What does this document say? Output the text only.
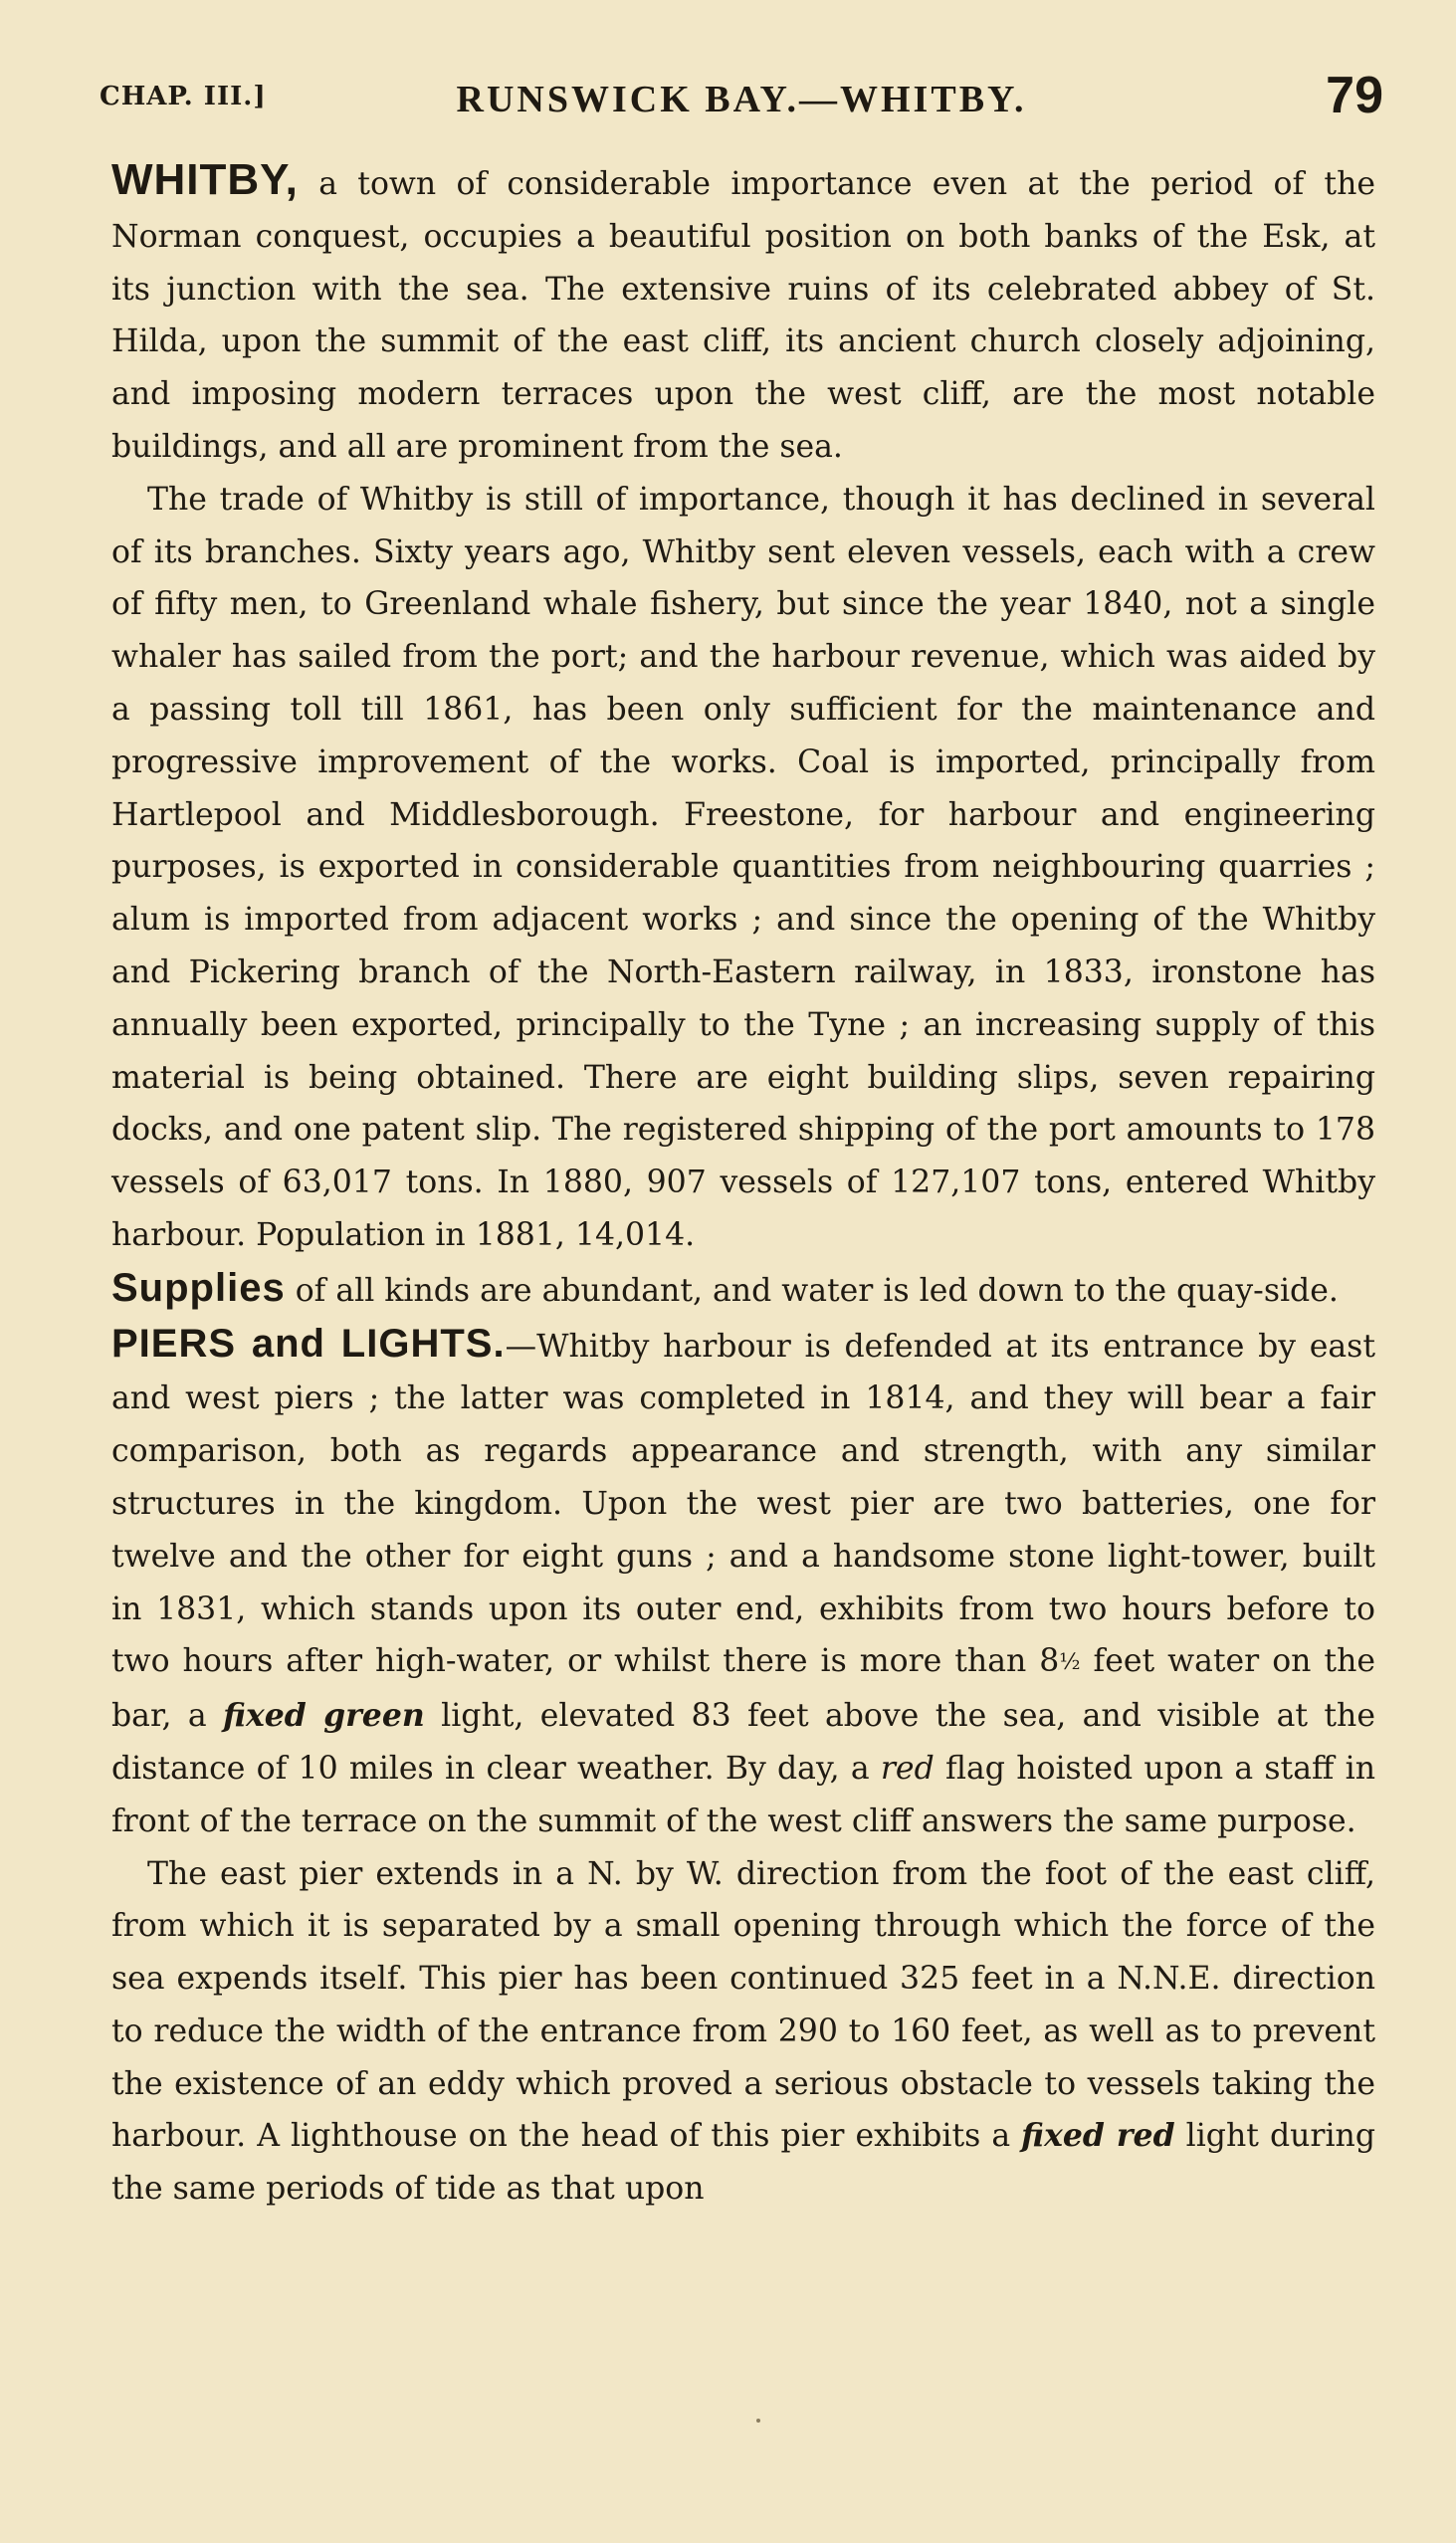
CHAP. III.]	RUNSWICK BAY.—WHITBY.	79

WHITBY, a town of considerable importance even at the period of the Norman conquest, occupies a beautiful position on both banks of the Esk, at its junction with the sea. The extensive ruins of its celebrated abbey of St. Hilda, upon the summit of the east cliff, its ancient church closely adjoining, and imposing modern terraces upon the west cliff, are the most notable buildings, and all are prominent from the sea.

The trade of Whitby is still of importance, though it has declined in several of its branches. Sixty years ago, Whitby sent eleven vessels, each with a crew of fifty men, to Greenland whale fishery, but since the year 1840, not a single whaler has sailed from the port; and the harbour revenue, which was aided by a passing toll till 1861, has been only sufficient for the maintenance and progressive improvement of the works. Coal is imported, principally from Hartlepool and Middlesborough. Freestone, for harbour and engineering purposes, is exported in considerable quantities from neighbouring quarries ; alum is imported from adjacent works ; and since the opening of the Whitby and Pickering branch of the North-Eastern railway, in 1833, ironstone has annually been exported, principally to the Tyne ; an increasing supply of this material is being obtained. There are eight building slips, seven repairing docks, and one patent slip. The registered shipping of the port amounts to 178 vessels of 63,017 tons. In 1880, 907 vessels of 127,107 tons, entered Whitby harbour. Population in 1881, 14,014.

Supplies of all kinds are abundant, and water is led down to the quay-side.

PIERS and LIGHTS.—Whitby harbour is defended at its entrance by east and west piers ; the latter was completed in 1814, and they will bear a fair comparison, both as regards appearance and strength, with any similar structures in the kingdom. Upon the west pier are two batteries, one for twelve and the other for eight guns ; and a handsome stone light-tower, built in 1831, which stands upon its outer end, exhibits from two hours before to two hours after high-water, or whilst there is more than 8½ feet water on the bar, a fixed green light, elevated 83 feet above the sea, and visible at the distance of 10 miles in clear weather. By day, a red flag hoisted upon a staff in front of the terrace on the summit of the west cliff answers the same purpose.

The east pier extends in a N. by W. direction from the foot of the east cliff, from which it is separated by a small opening through which the force of the sea expends itself. This pier has been continued 325 feet in a N.N.E. direction to reduce the width of the entrance from 290 to 160 feet, as well as to prevent the existence of an eddy which proved a serious obstacle to vessels taking the harbour. A lighthouse on the head of this pier exhibits a fixed red light during the same periods of tide as that upon
